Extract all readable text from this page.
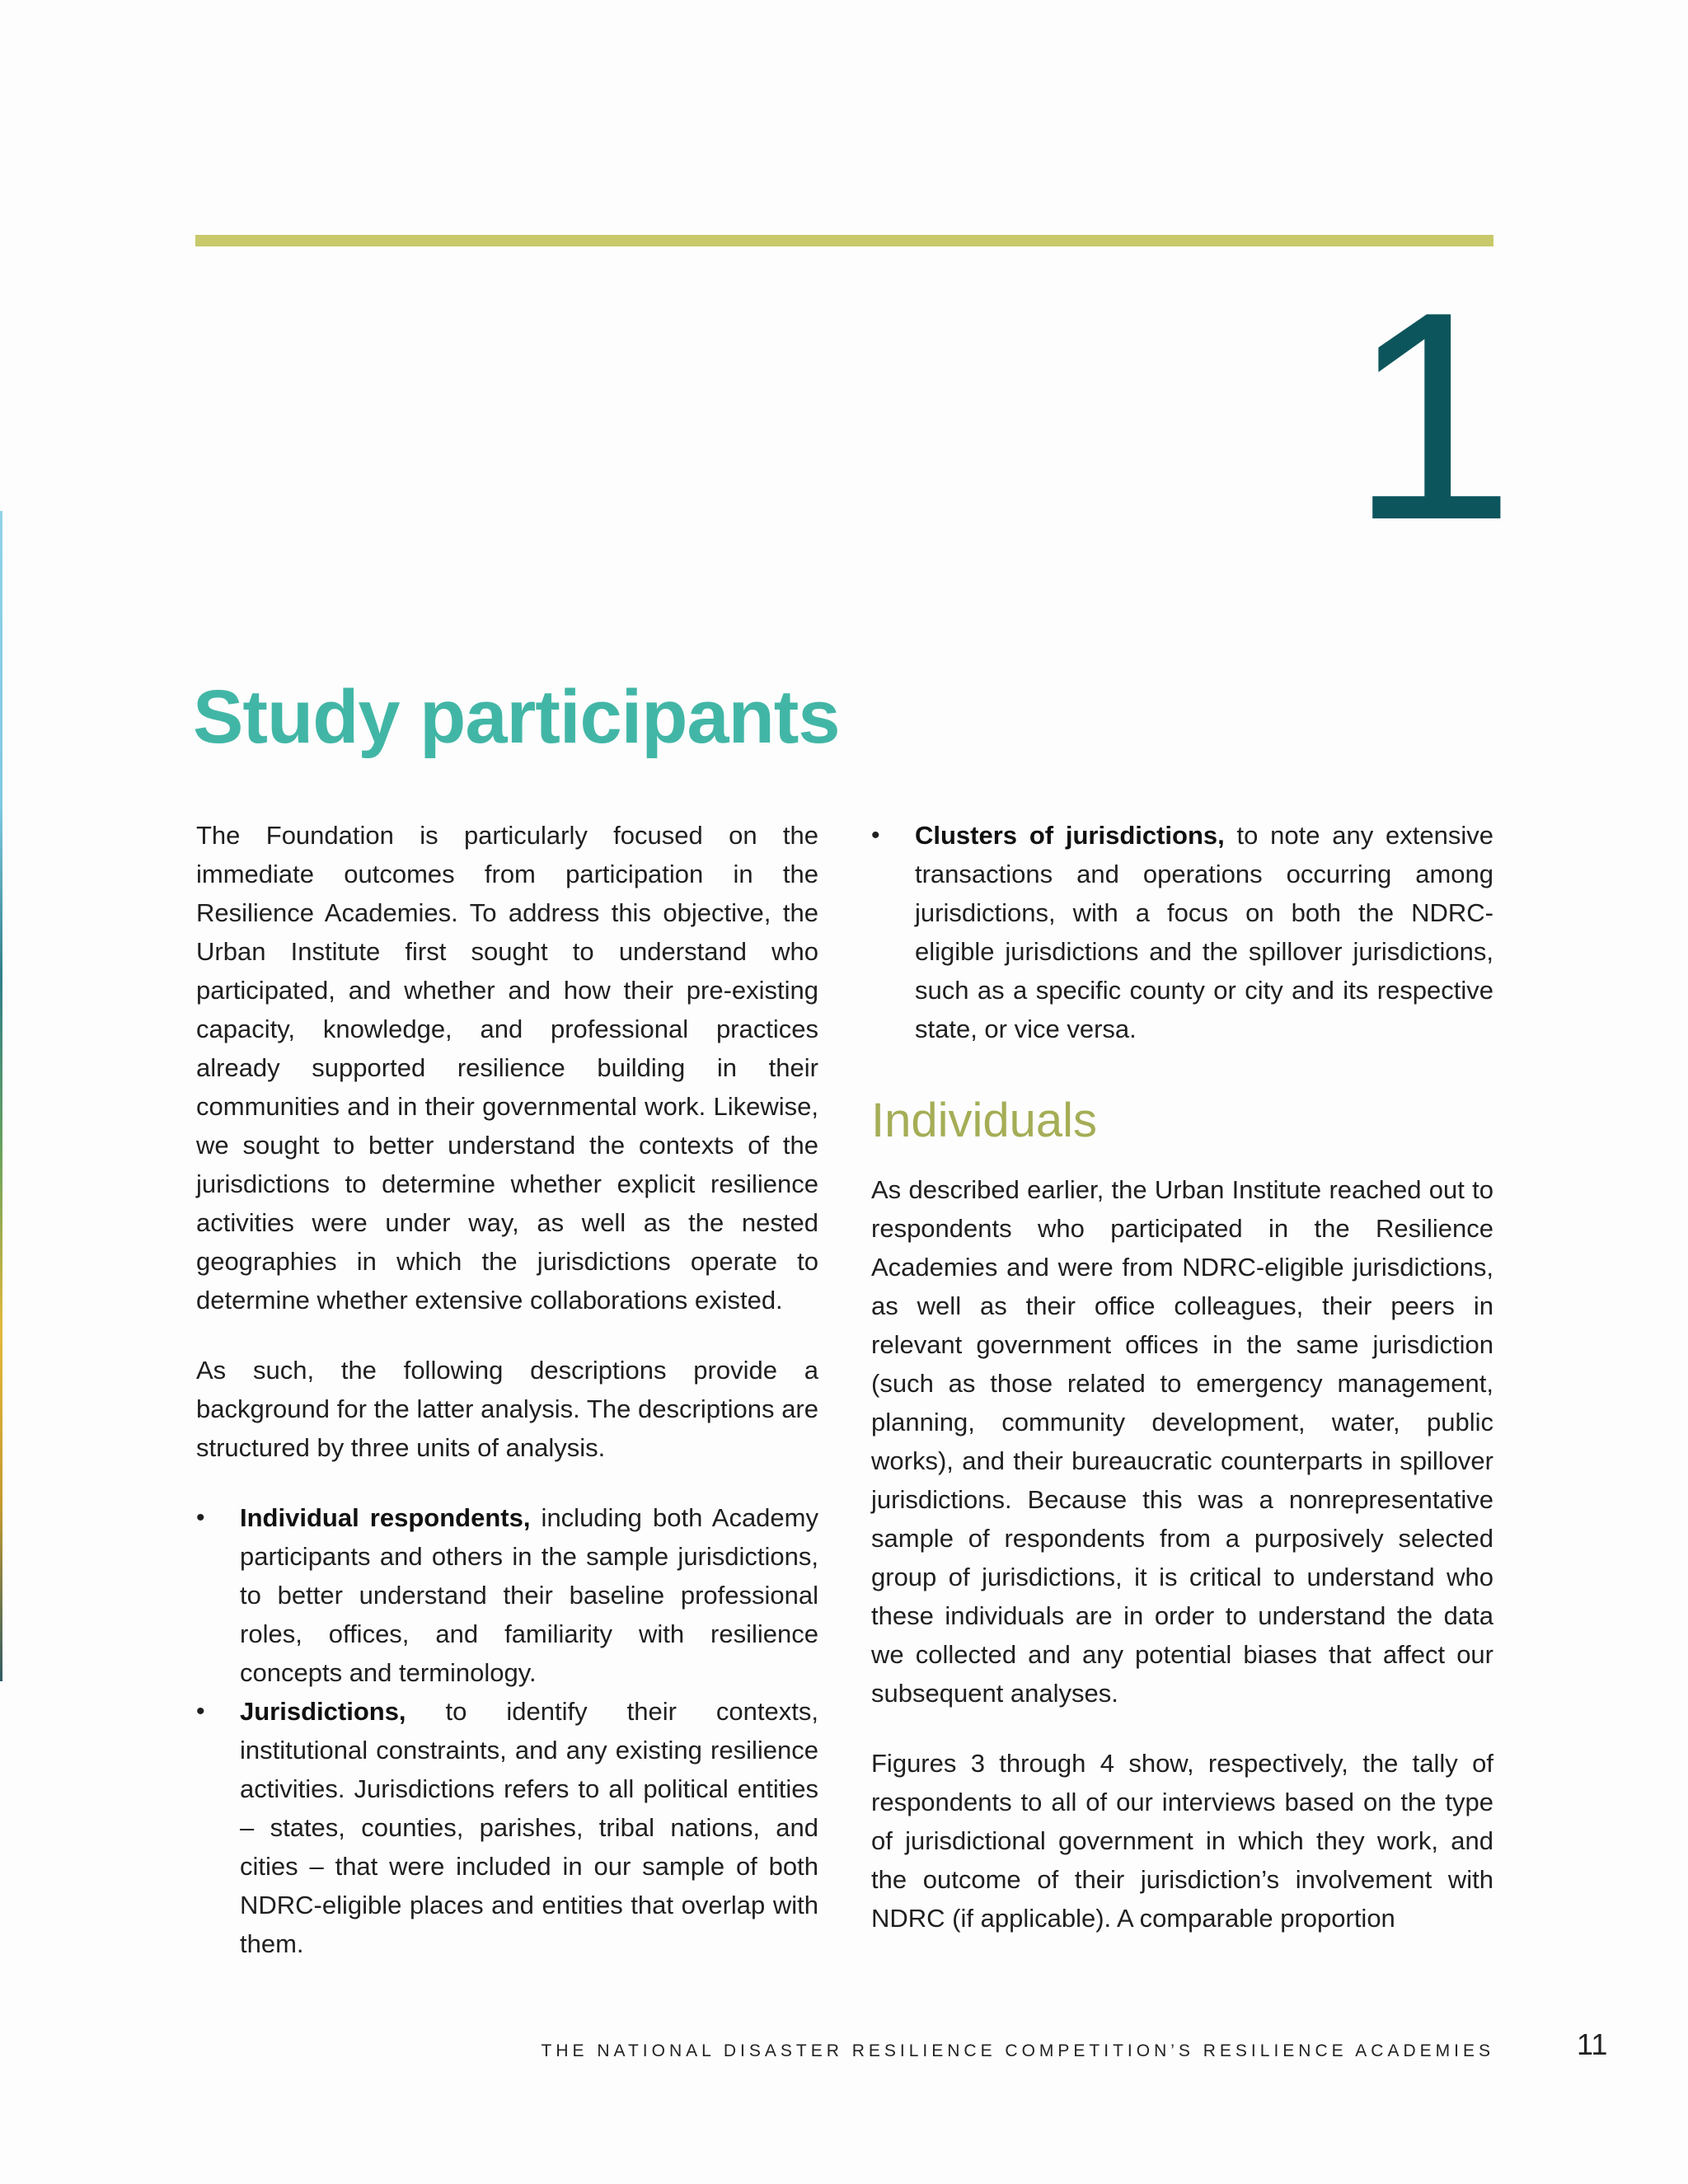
1
Study participants

The Foundation is particularly focused on the immediate outcomes from participation in the Resilience Academies. To address this objective, the Urban Institute first sought to understand who participated, and whether and how their pre-existing capacity, knowledge, and professional practices already supported resilience building in their communities and in their governmental work. Likewise, we sought to better understand the contexts of the jurisdictions to determine whether explicit resilience activities were under way, as well as the nested geographies in which the jurisdictions operate to determine whether extensive collaborations existed.

As such, the following descriptions provide a background for the latter analysis. The descriptions are structured by three units of analysis.

• Individual respondents, including both Academy participants and others in the sample jurisdictions, to better understand their baseline professional roles, offices, and familiarity with resilience concepts and terminology.
• Jurisdictions, to identify their contexts, institutional constraints, and any existing resilience activities. Jurisdictions refers to all political entities – states, counties, parishes, tribal nations, and cities – that were included in our sample of both NDRC-eligible places and entities that overlap with them.
• Clusters of jurisdictions, to note any extensive transactions and operations occurring among jurisdictions, with a focus on both the NDRC-eligible jurisdictions and the spillover jurisdictions, such as a specific county or city and its respective state, or vice versa.
Individuals

As described earlier, the Urban Institute reached out to respondents who participated in the Resilience Academies and were from NDRC-eligible jurisdictions, as well as their office colleagues, their peers in relevant government offices in the same jurisdiction (such as those related to emergency management, planning, community development, water, public works), and their bureaucratic counterparts in spillover jurisdictions. Because this was a nonrepresentative sample of respondents from a purposively selected group of jurisdictions, it is critical to understand who these individuals are in order to understand the data we collected and any potential biases that affect our subsequent analyses.

Figures 3 through 4 show, respectively, the tally of respondents to all of our interviews based on the type of jurisdictional government in which they work, and the outcome of their jurisdiction’s involvement with NDRC (if applicable). A comparable proportion

THE NATIONAL DISASTER RESILIENCE COMPETITION’S RESILIENCE ACADEMIES	11
